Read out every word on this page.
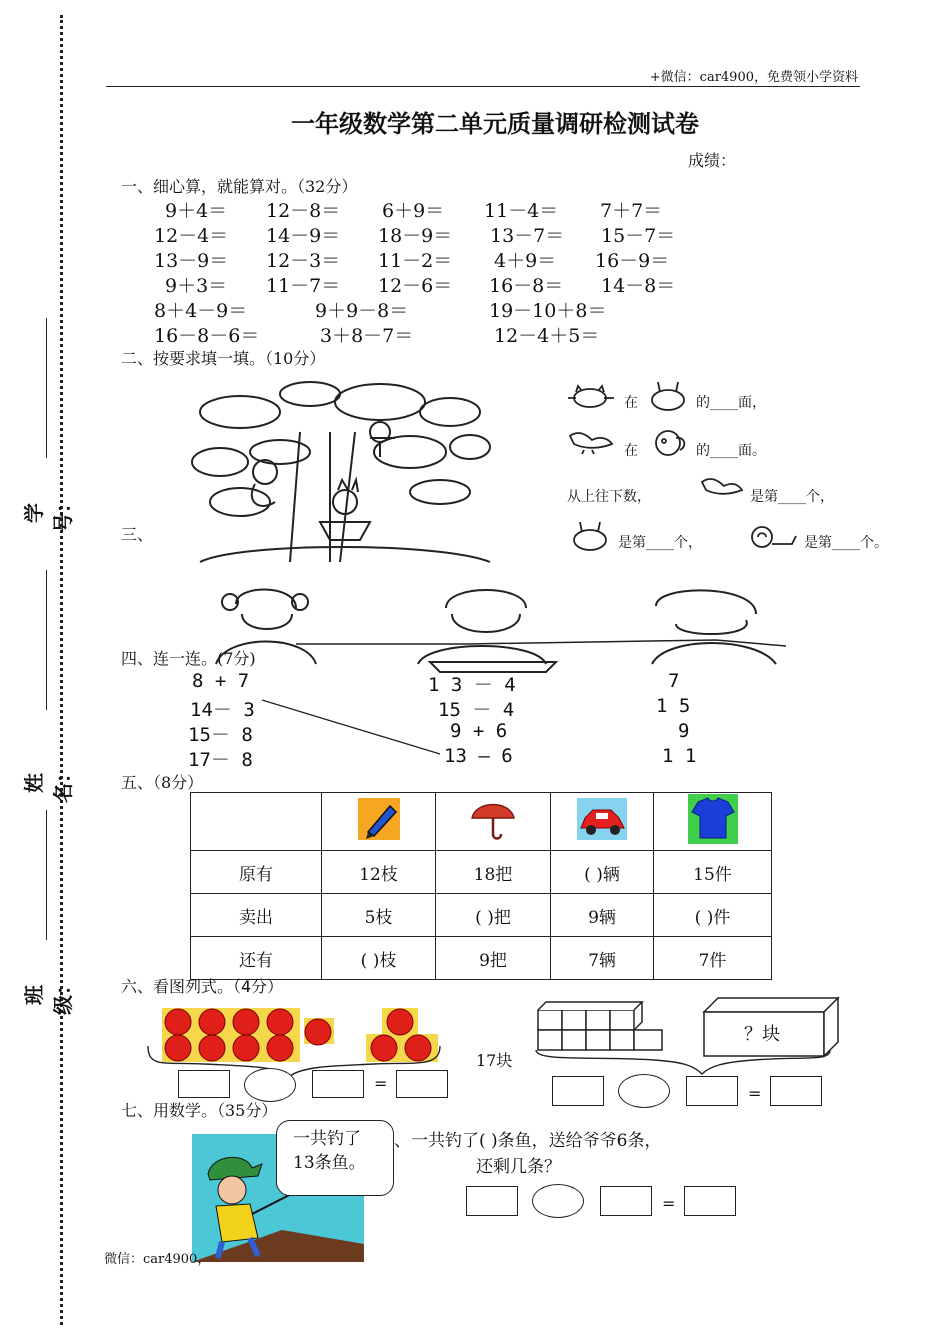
学号：
姓名：
班级：
+微信：car4900，免费领小学资料
一年级数学第二单元质量调研检测试卷
成绩：
一、细心算，就能算对。（32分）
9＋4＝ 12－8＝ 6＋9＝ 11－4＝ 7＋7＝
12－4＝ 14－9＝ 18－9＝ 13－7＝ 15－7＝
13－9＝ 12－3＝ 11－2＝ 4＋9＝ 16－9＝
9＋3＝ 11－7＝ 12－6＝ 16－8＝ 14－8＝
8＋4－9＝	9＋9－8＝	19－10＋8＝
16－8－6＝	3＋8－7＝	12－4＋5＝
二、按要求填一填。（10分）
在	的____面，
在	的____面。
从上往下数，	是第____个，
是第____个，	是第____个。
三、
四、连一连。(7分)
8 + 7
14－ 3
15－ 8
17－ 8
1 3 － 4
15 － 4
9 + 6
13 — 6
7
1 5
9
1 1
五、（8分）

原有	12枝	18把	( )辆	15件
卖出	5枝	( )把	9辆	( )件
还有	( )枝	9把	7辆	7件
六、看图列式。（4分）
=
17块
？块
=
七、用数学。（35分）
一共钓了
13条鱼。
、一共钓了( )条鱼，送给爷爷6条，
还剩几条？
=
微信：car4900，
